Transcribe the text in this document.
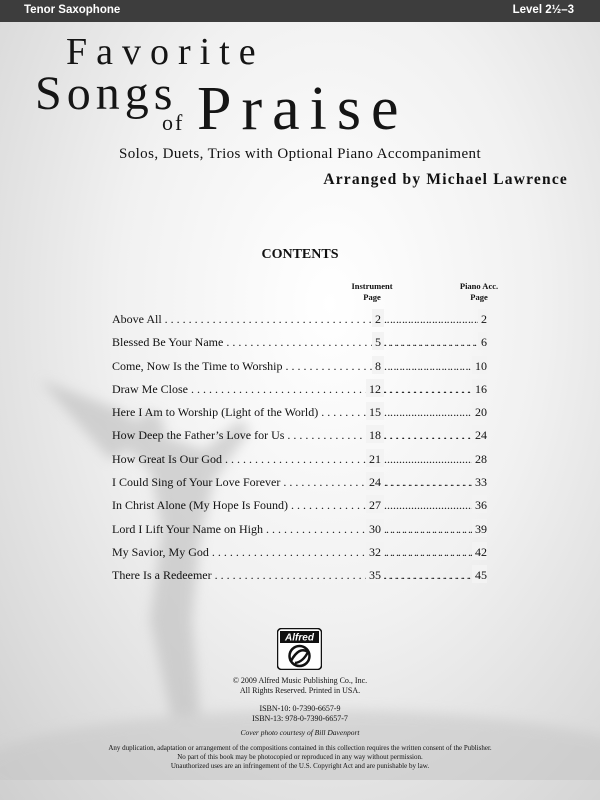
Tenor Saxophone	Level 2½–3
Favorite
Songs
of Praise
Solos, Duets, Trios with Optional Piano Accompaniment
Arranged by Michael Lawrence
CONTENTS
Instrument
Page
Piano Acc.
Page
Above All . . .	2 . . .	2
Blessed Be Your Name . . .	5 . . .	6
Come, Now Is the Time to Worship . . .	8 . . .	10
Draw Me Close . . .	12 . . .	16
Here I Am to Worship (Light of the World) . . .	15 . . .	20
How Deep the Father’s Love for Us . . .	18 . . .	24
How Great Is Our God . . .	21 . . .	28
I Could Sing of Your Love Forever . . .	24 . . .	33
In Christ Alone (My Hope Is Found) . . .	27 . . .	36
Lord I Lift Your Name on High . . .	30 . . .	39
My Savior, My God . . .	32 . . .	42
There Is a Redeemer . . .	35 . . .	45
Alfred
© 2009 Alfred Music Publishing Co., Inc.
All Rights Reserved. Printed in USA.
ISBN-10: 0-7390-6657-9
ISBN-13: 978-0-7390-6657-7
Cover photo courtesy of Bill Davenport
Any duplication, adaptation or arrangement of the compositions contained in this collection requires the written consent of the Publisher.
No part of this book may be photocopied or reproduced in any way without permission.
Unauthorized uses are an infringement of the U.S. Copyright Act and are punishable by law.
